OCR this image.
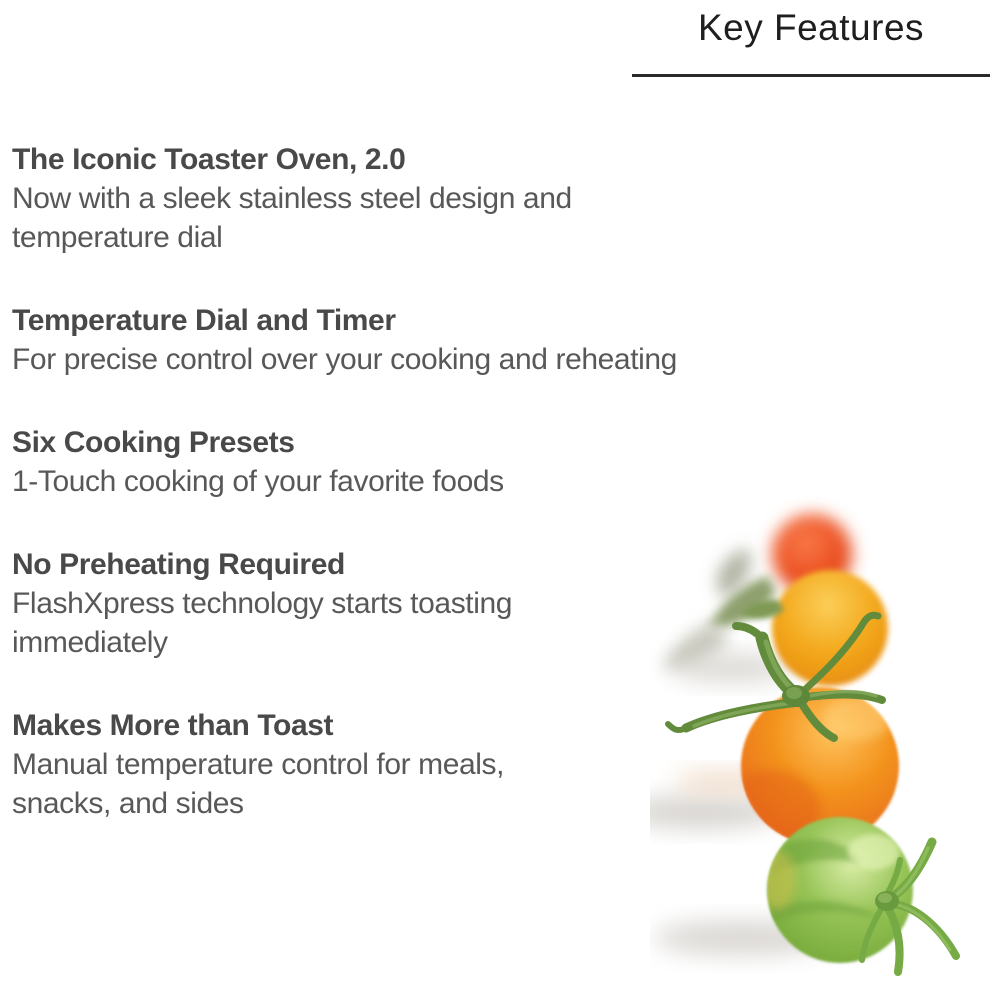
Key Features
The Iconic Toaster Oven, 2.0

Now with a sleek stainless steel design and

temperature dial

Temperature Dial and Timer

For precise control over your cooking and reheating

Six Cooking Presets

1-Touch cooking of your favorite foods

No Preheating Required

FlashXpress technology starts toasting

immediately

Makes More than Toast

Manual temperature control for meals,

snacks, and sides
